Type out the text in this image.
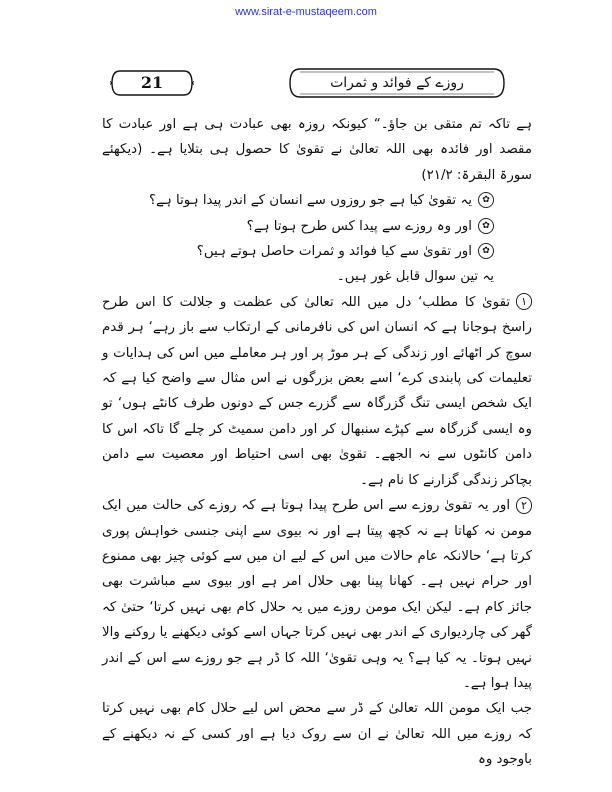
www.sirat-e-mustaqeem.com
21	روزے کے فوائد و ثمرات

ہے تاکہ تم متقی بن جاؤ۔“ کیونکہ روزہ بھی عبادت ہی ہے اور عبادت کا مقصد اور فائدہ بھی اللہ تعالیٰ نے تقویٰ کا حصول ہی بتلایا ہے۔ (دیکھئے سورۃ البقرۃ: ۲۱/۲)

✿یہ تقویٰ کیا ہے جو روزوں سے انسان کے اندر پیدا ہوتا ہے؟

✿اور وہ روزے سے پیدا کس طرح ہوتا ہے؟

✿اور تقویٰ سے کیا فوائد و ثمرات حاصل ہوتے ہیں؟

یہ تین سوال قابل غور ہیں۔

۱تقویٰ کا مطلب‘ دل میں اللہ تعالیٰ کی عظمت و جلالت کا اس طرح راسخ ہوجانا ہے کہ انسان اس کی نافرمانی کے ارتکاب سے باز رہے‘ ہر قدم سوچ کر اٹھائے اور زندگی کے ہر موڑ پر اور ہر معاملے میں اس کی ہدایات و تعلیمات کی پابندی کرے‘ اسے بعض بزرگوں نے اس مثال سے واضح کیا ہے کہ ایک شخص ایسی تنگ گزرگاہ سے گزرے جس کے دونوں طرف کانٹے ہوں‘ تو وہ ایسی گزرگاہ سے کپڑے سنبھال کر اور دامن سمیٹ کر چلے گا تاکہ اس کا دامن کانٹوں سے نہ الجھے۔ تقویٰ بھی اسی احتیاط اور معصیت سے دامن بچاکر زندگی گزارنے کا نام ہے۔

۲اور یہ تقویٰ روزے سے اس طرح پیدا ہوتا ہے کہ روزے کی حالت میں ایک مومن نہ کھاتا ہے نہ کچھ پیتا ہے اور نہ بیوی سے اپنی جنسی خواہش پوری کرتا ہے‘ حالانکہ عام حالات میں اس کے لیے ان میں سے کوئی چیز بھی ممنوع اور حرام نہیں ہے۔ کھانا پینا بھی حلال امر ہے اور بیوی سے مباشرت بھی جائز کام ہے۔ لیکن ایک مومن روزے میں یہ حلال کام بھی نہیں کرتا‘ حتیٰ کہ گھر کی چاردیواری کے اندر بھی نہیں کرتا جہاں اسے کوئی دیکھنے یا روکنے والا نہیں ہوتا۔ یہ کیا ہے؟ یہ وہی تقویٰ‘ اللہ کا ڈر ہے جو روزے سے اس کے اندر پیدا ہوا ہے۔

جب ایک مومن اللہ تعالیٰ کے ڈر سے محض اس لیے حلال کام بھی نہیں کرتا کہ روزے میں اللہ تعالیٰ نے ان سے روک دیا ہے اور کسی کے نہ دیکھنے کے باوجود وہ
